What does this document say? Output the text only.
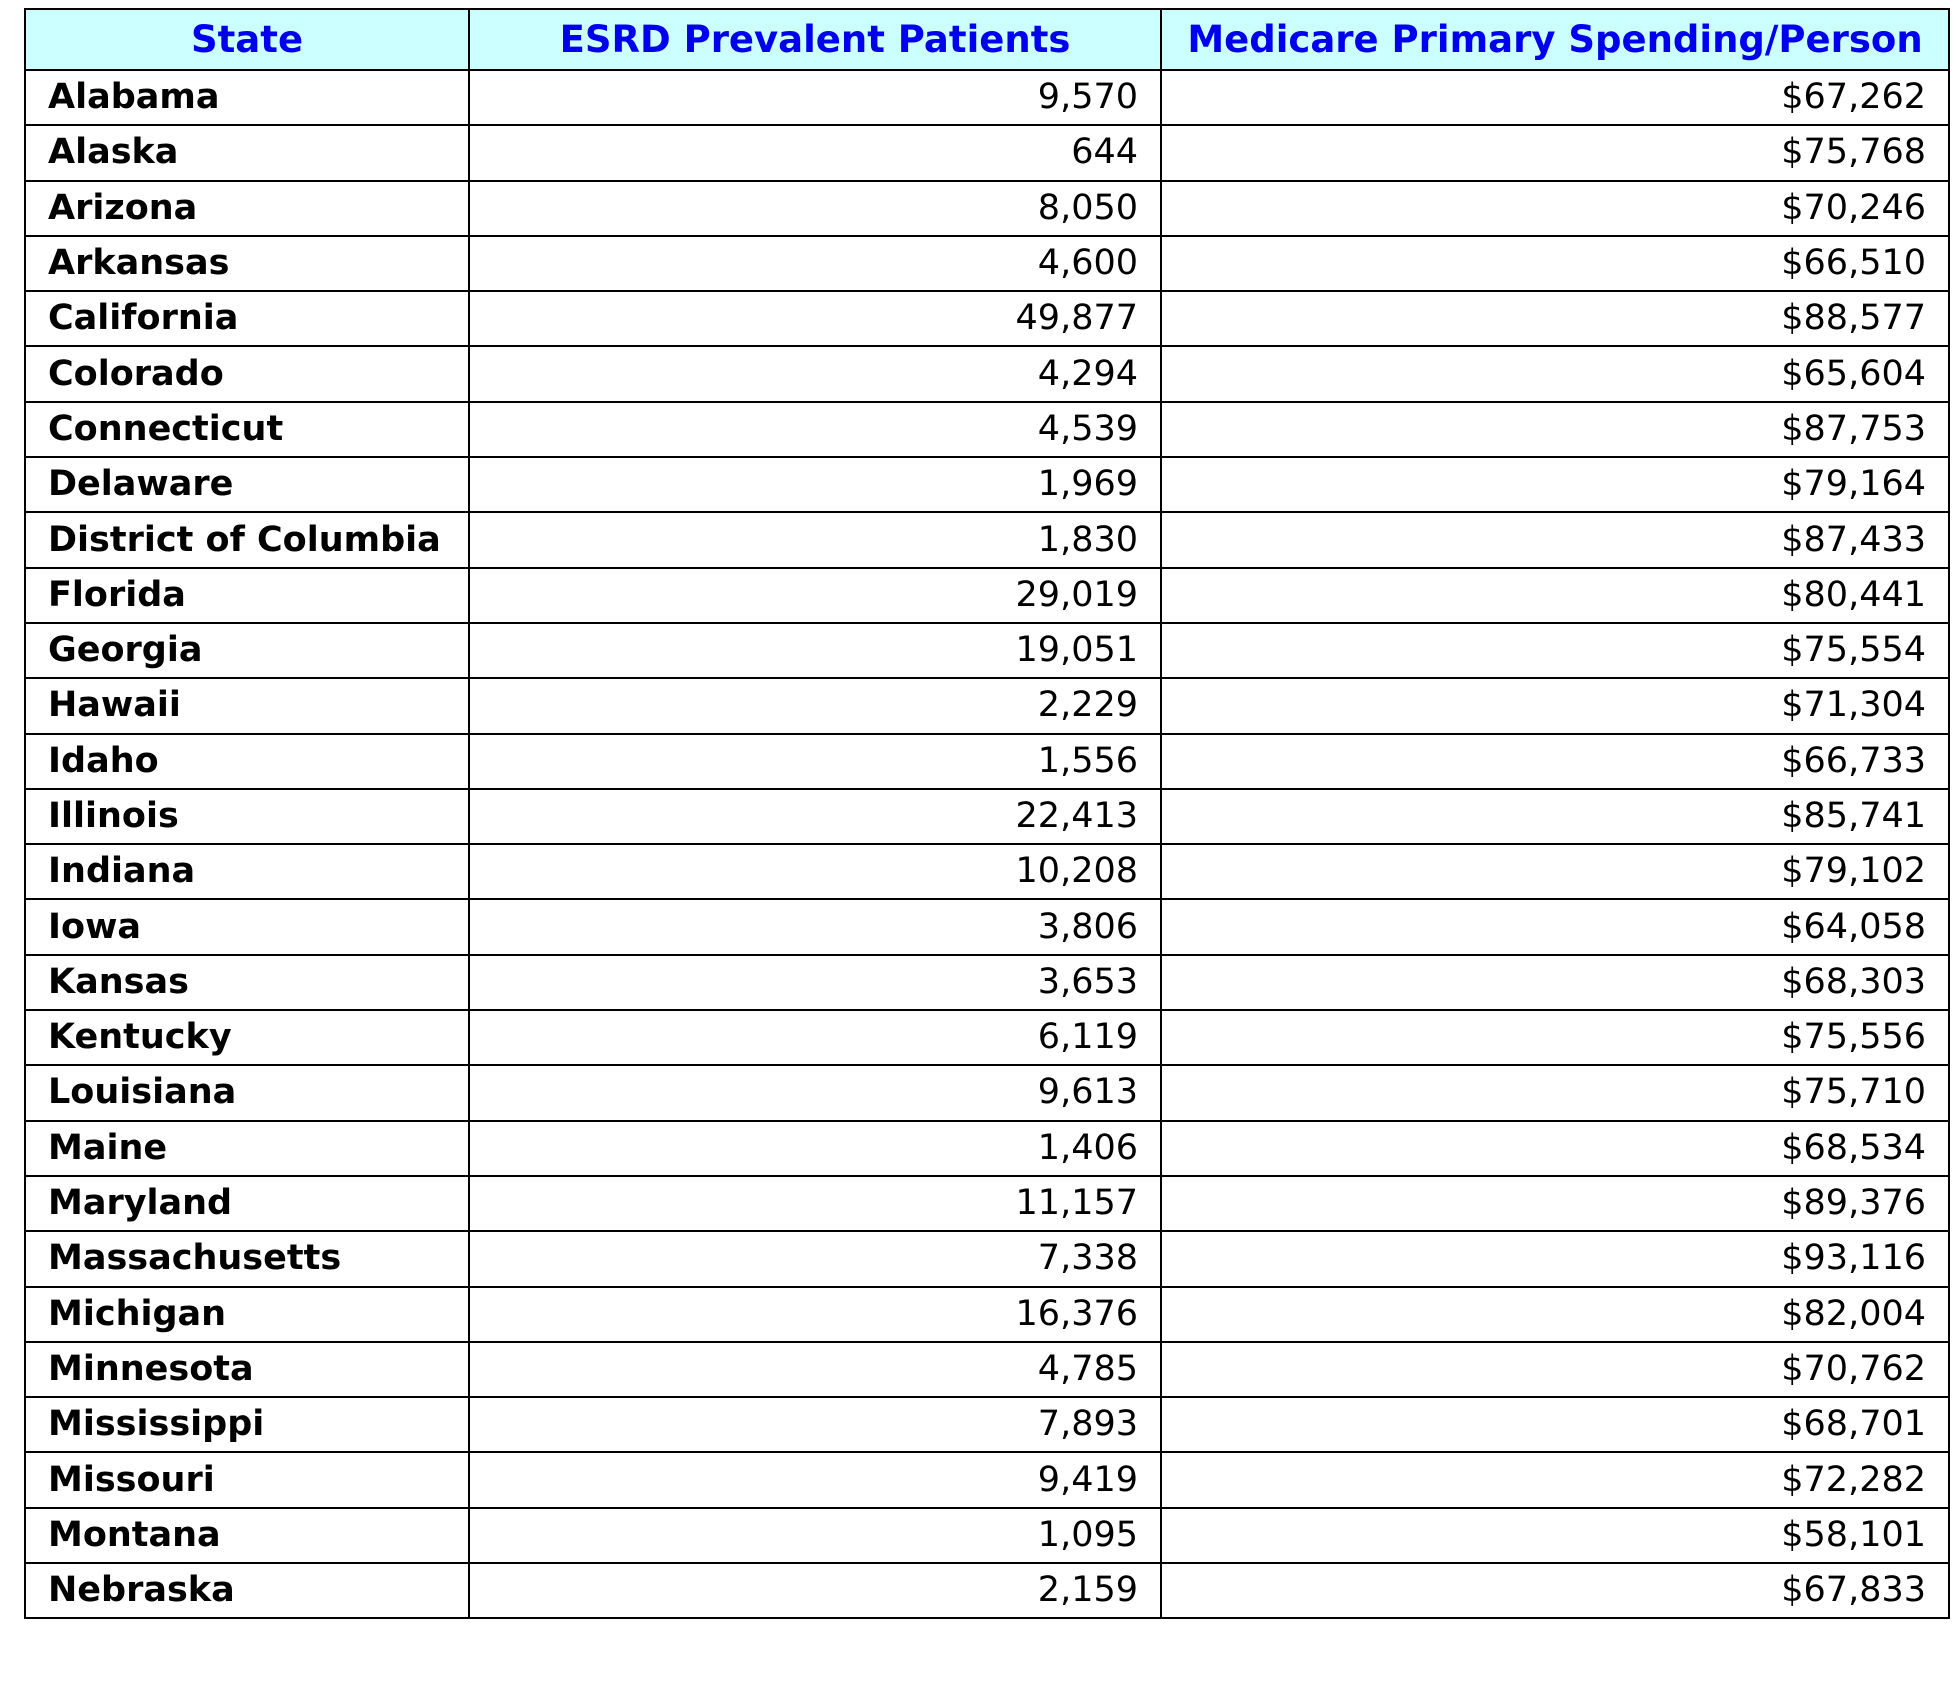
State	ESRD Prevalent Patients	Medicare Primary Spending/Person
Alabama	9,570	$67,262
Alaska	644	$75,768
Arizona	8,050	$70,246
Arkansas	4,600	$66,510
California	49,877	$88,577
Colorado	4,294	$65,604
Connecticut	4,539	$87,753
Delaware	1,969	$79,164
District of Columbia	1,830	$87,433
Florida	29,019	$80,441
Georgia	19,051	$75,554
Hawaii	2,229	$71,304
Idaho	1,556	$66,733
Illinois	22,413	$85,741
Indiana	10,208	$79,102
Iowa	3,806	$64,058
Kansas	3,653	$68,303
Kentucky	6,119	$75,556
Louisiana	9,613	$75,710
Maine	1,406	$68,534
Maryland	11,157	$89,376
Massachusetts	7,338	$93,116
Michigan	16,376	$82,004
Minnesota	4,785	$70,762
Mississippi	7,893	$68,701
Missouri	9,419	$72,282
Montana	1,095	$58,101
Nebraska	2,159	$67,833
